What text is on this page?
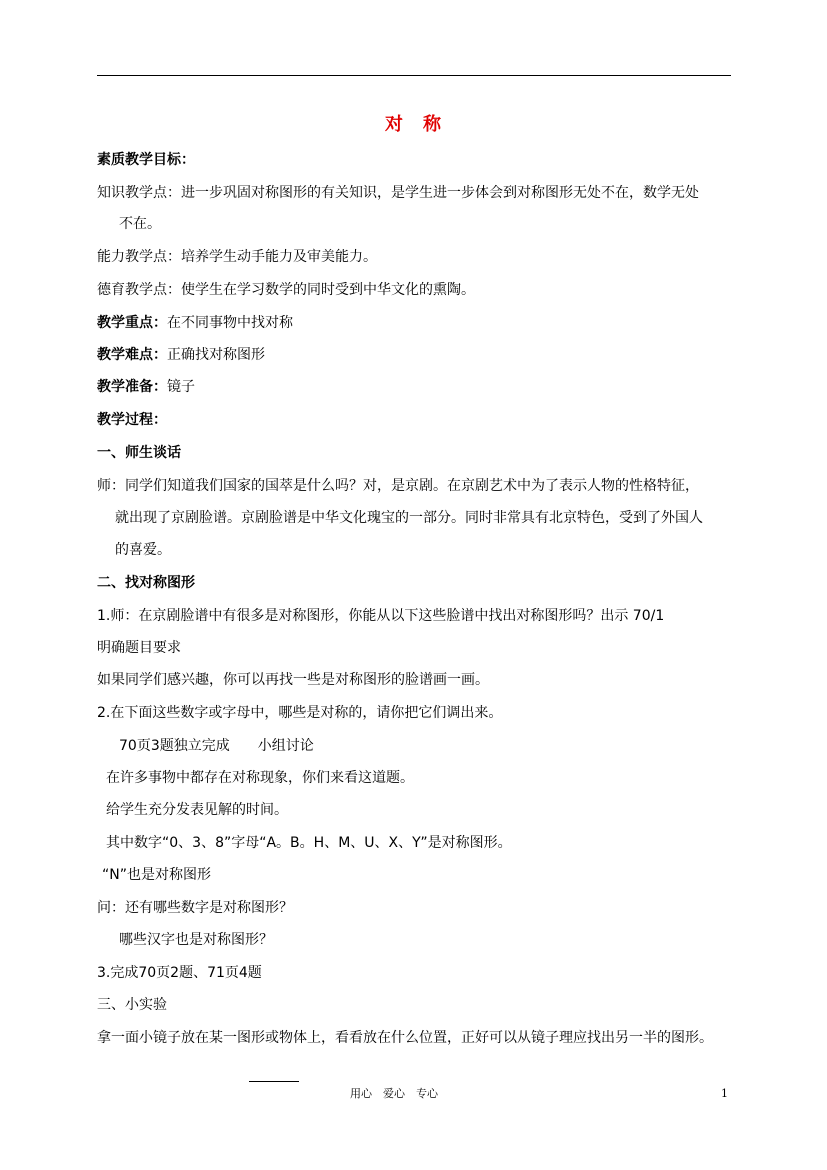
对　称
素质教学目标：
知识教学点：进一步巩固对称图形的有关知识，是学生进一步体会到对称图形无处不在，数学无处
不在。
能力教学点：培养学生动手能力及审美能力。
德育教学点：使学生在学习数学的同时受到中华文化的熏陶。
教学重点：在不同事物中找对称
教学难点：正确找对称图形
教学准备：镜子
教学过程：
一、师生谈话
师：同学们知道我们国家的国萃是什么吗？对，是京剧。在京剧艺术中为了表示人物的性格特征，
就出现了京剧脸谱。京剧脸谱是中华文化瑰宝的一部分。同时非常具有北京特色，受到了外国人
的喜爱。
二、找对称图形
1.师：在京剧脸谱中有很多是对称图形，你能从以下这些脸谱中找出对称图形吗？出示 70/1
明确题目要求
如果同学们感兴趣，你可以再找一些是对称图形的脸谱画一画。
2.在下面这些数字或字母中，哪些是对称的，请你把它们调出来。
70页3题独立完成　　小组讨论
在许多事物中都存在对称现象，你们来看这道题。
给学生充分发表见解的时间。
其中数字“0、3、8”字母“A。B。H、M、U、X、Y”是对称图形。
“N”也是对称图形
问：还有哪些数字是对称图形？
哪些汉字也是对称图形？
3.完成70页2题、71页4题
三、小实验
拿一面小镜子放在某一图形或物体上，看看放在什么位置，正好可以从镜子理应找出另一半的图形。
用心　爱心　专心	1
